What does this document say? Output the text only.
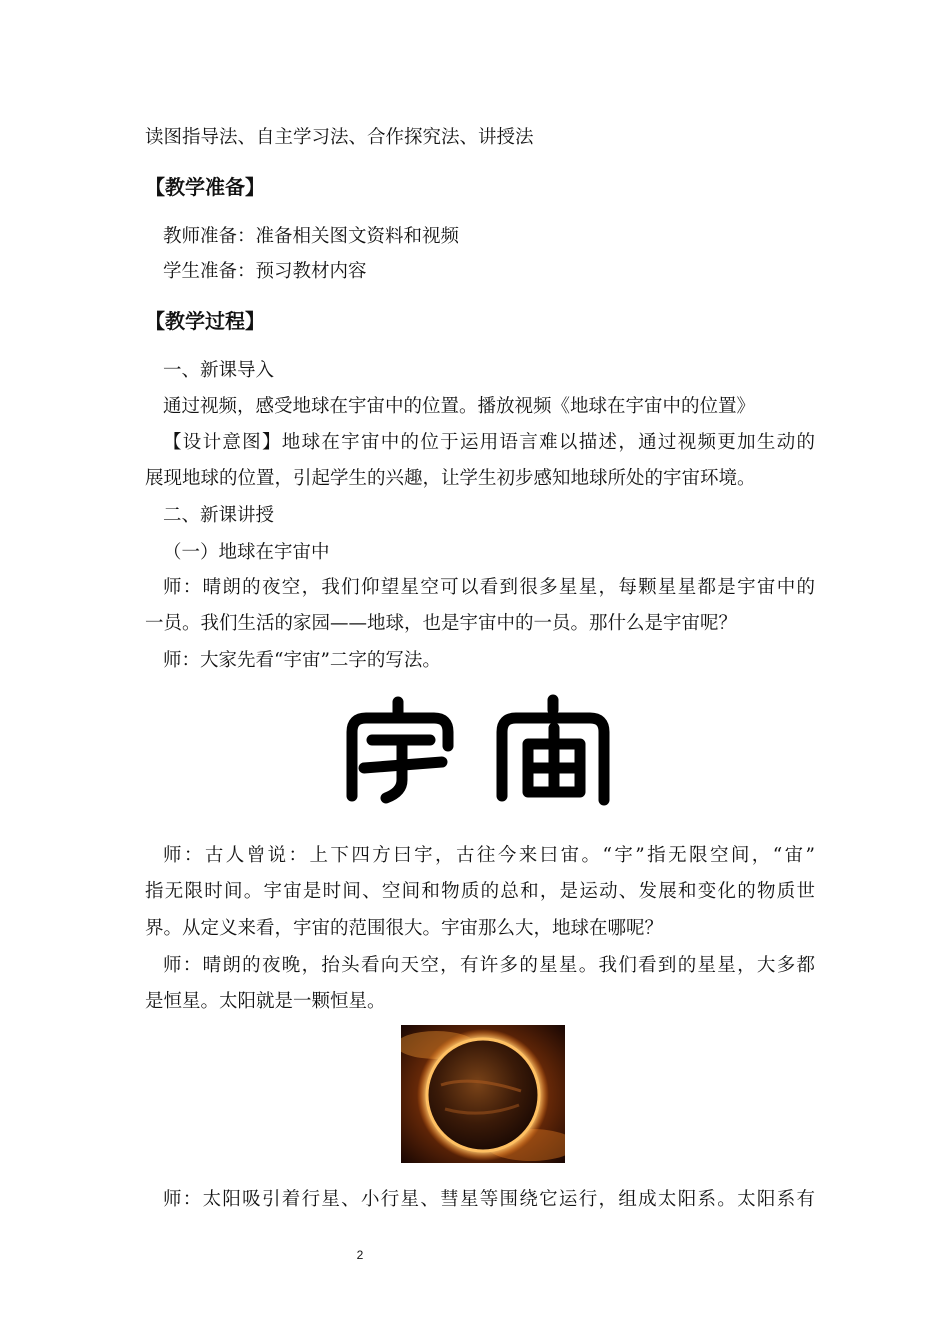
读图指导法、自主学习法、合作探究法、讲授法
【教学准备】
教师准备：准备相关图文资料和视频
学生准备：预习教材内容
【教学过程】
一、新课导入
通过视频，感受地球在宇宙中的位置。播放视频《地球在宇宙中的位置》
【设计意图】地球在宇宙中的位于运用语言难以描述，通过视频更加生动的
展现地球的位置，引起学生的兴趣，让学生初步感知地球所处的宇宙环境。
二、新课讲授
（一）地球在宇宙中
师：晴朗的夜空，我们仰望星空可以看到很多星星，每颗星星都是宇宙中的
一员。我们生活的家园——地球，也是宇宙中的一员。那什么是宇宙呢？
师：大家先看“宇宙”二字的写法。
师：古人曾说：上下四方曰宇，古往今来曰宙。“宇”指无限空间，“宙”
指无限时间。宇宙是时间、空间和物质的总和，是运动、发展和变化的物质世
界。从定义来看，宇宙的范围很大。宇宙那么大，地球在哪呢？
师：晴朗的夜晚，抬头看向天空，有许多的星星。我们看到的星星，大多都
是恒星。太阳就是一颗恒星。
师：太阳吸引着行星、小行星、彗星等围绕它运行，组成太阳系。太阳系有
2
